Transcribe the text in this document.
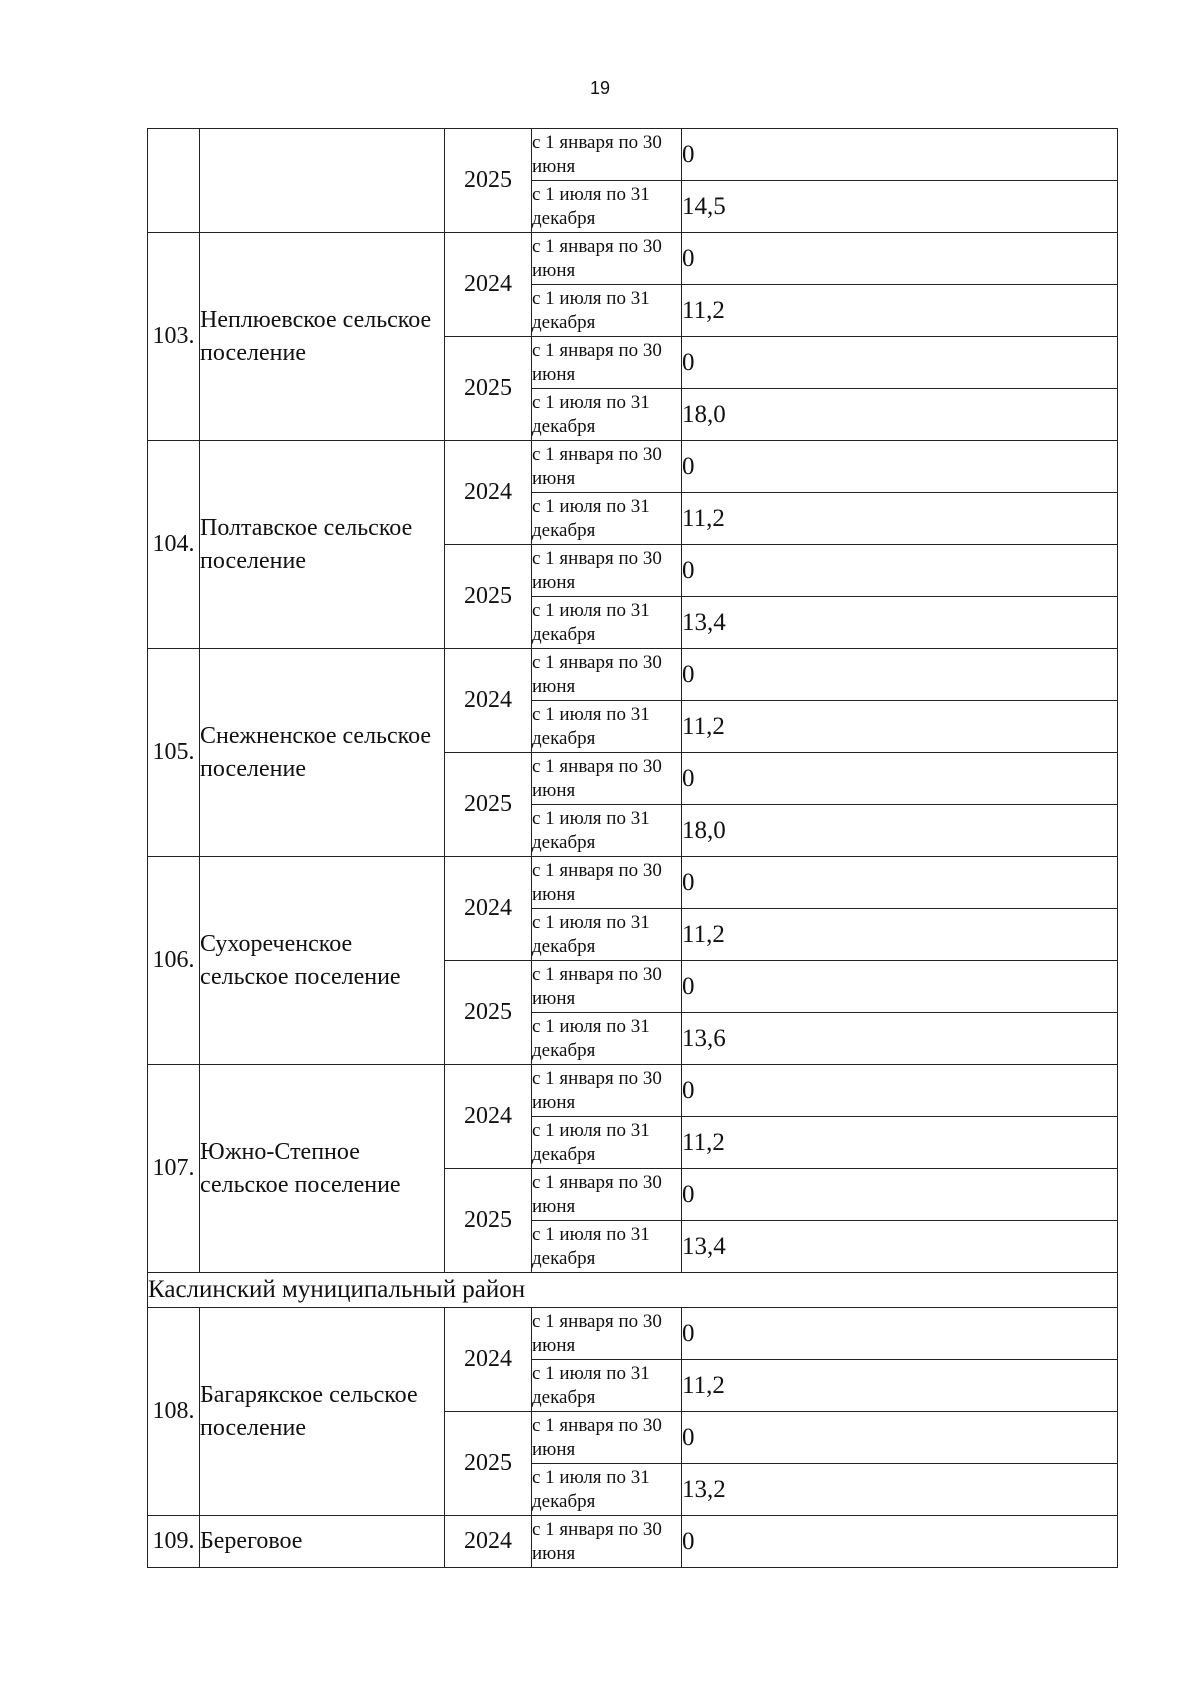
19
		2025	с 1 января по 30 июня	0
			с 1 июля по 31 декабря	14,5
103.	Неплюевское сельское поселение	2024	с 1 января по 30 июня	0
			с 1 июля по 31 декабря	11,2
		2025	с 1 января по 30 июня	0
			с 1 июля по 31 декабря	18,0
104.	Полтавское сельское поселение	2024	с 1 января по 30 июня	0
			с 1 июля по 31 декабря	11,2
		2025	с 1 января по 30 июня	0
			с 1 июля по 31 декабря	13,4
105.	Снежненское сельское поселение	2024	с 1 января по 30 июня	0
			с 1 июля по 31 декабря	11,2
		2025	с 1 января по 30 июня	0
			с 1 июля по 31 декабря	18,0
106.	Сухореченское сельское поселение	2024	с 1 января по 30 июня	0
			с 1 июля по 31 декабря	11,2
		2025	с 1 января по 30 июня	0
			с 1 июля по 31 декабря	13,6
107.	Южно-Степное сельское поселение	2024	с 1 января по 30 июня	0
			с 1 июля по 31 декабря	11,2
		2025	с 1 января по 30 июня	0
			с 1 июля по 31 декабря	13,4
Каслинский муниципальный район				
108.	Багарякское сельское поселение	2024	с 1 января по 30 июня	0
			с 1 июля по 31 декабря	11,2
		2025	с 1 января по 30 июня	0
			с 1 июля по 31 декабря	13,2
109.	Береговое	2024	с 1 января по 30 июня	0
